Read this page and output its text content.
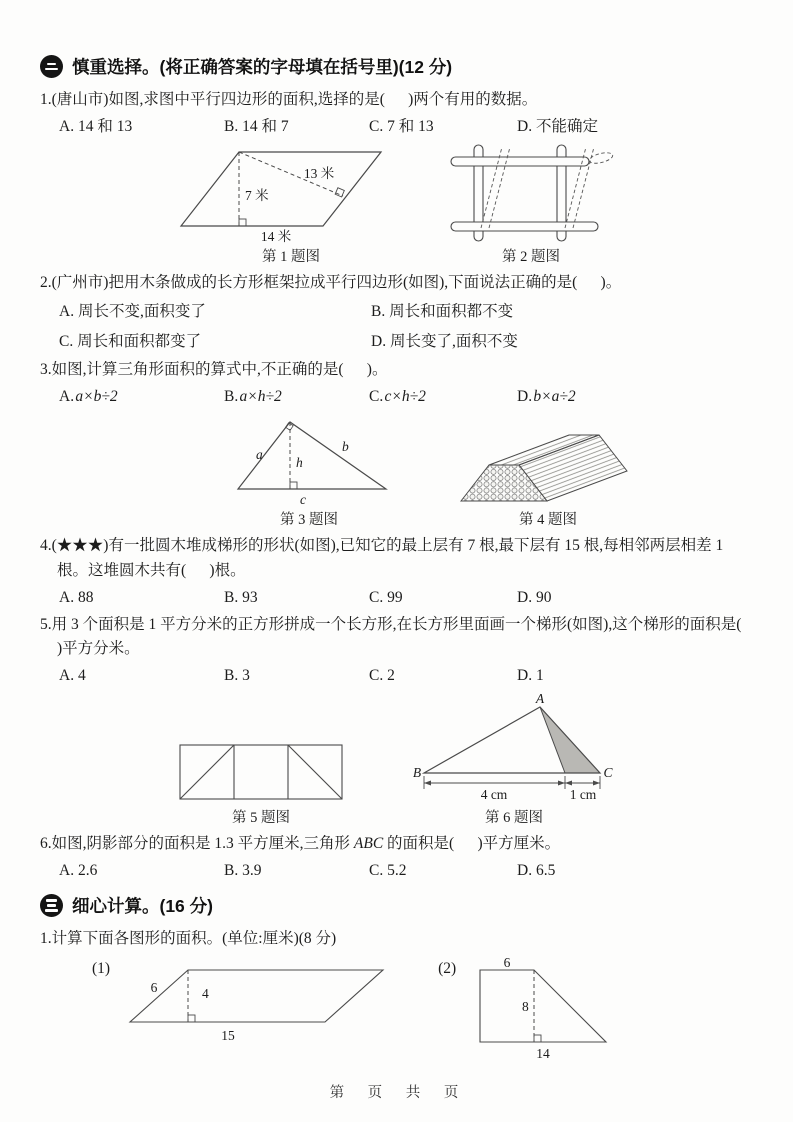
慎重选择。(将正确答案的字母填在括号里)(12 分)
1.(唐山市)如图,求图中平行四边形的面积,选择的是(      )两个有用的数据。
A. 14 和 13	B. 14 和 7	C. 7 和 13	D. 不能确定
13 米
7 米
14 米
第 1 题图	第 2 题图
2.(广州市)把用木条做成的长方形框架拉成平行四边形(如图),下面说法正确的是(      )。
A. 周长不变,面积变了	B. 周长和面积都不变
C. 周长和面积都变了	D. 周长变了,面积不变
3.如图,计算三角形面积的算式中,不正确的是(      )。
A. a×b÷2	B. a×h÷2	C. c×h÷2	D. b×a÷2
a
b
h
c
第 3 题图	第 4 题图
4.(★★★)有一批圆木堆成梯形的形状(如图),已知它的最上层有 7 根,最下层有 15 根,每相邻两层相差 1 根。这堆圆木共有(      )根。
A. 88	B. 93	C. 99	D. 90
5.用 3 个面积是 1 平方分米的正方形拼成一个长方形,在长方形里面画一个梯形(如图),这个梯形的面积是(      )平方分米。
A. 4	B. 3	C. 2	D. 1
第 5 题图
A
B	C
4 cm	1 cm
第 6 题图
6.如图,阴影部分的面积是 1.3 平方厘米,三角形 ABC 的面积是(      )平方厘米。
A. 2.6	B. 3.9	C. 5.2	D. 6.5
细心计算。(16 分)
1.计算下面各图形的面积。(单位:厘米)(8 分)
(1)
6	4
15
(2)	6
8
14
第 页 共 页
